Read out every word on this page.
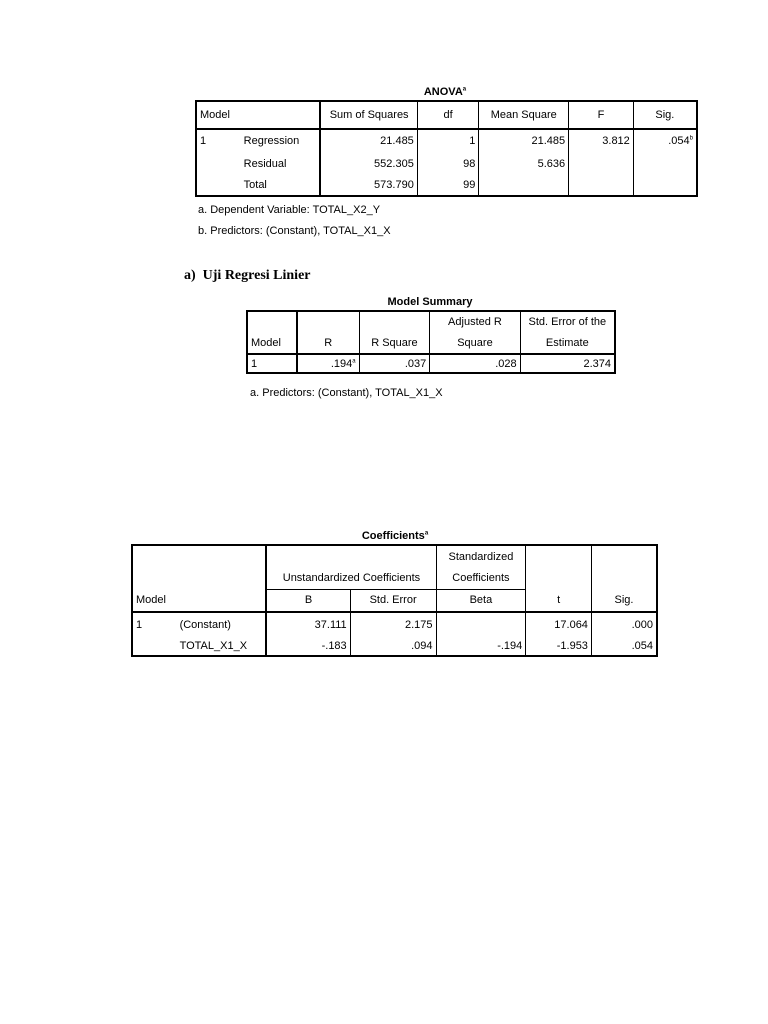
ANOVA$^a$
Model		Sum of Squares	df	Mean Square	F	Sig.
1	Regression	21.485	1	21.485	3.812	.054$^b$
	Residual	552.305	98	5.636		
	Total	573.790	99			
a. Dependent Variable: TOTAL_X2_Y
b. Predictors: (Constant), TOTAL_X1_X
a)  Uji Regresi Linier
Model Summary
			Adjusted R	Std. Error of the
Model	R	R Square	Square	Estimate
1	.194$^a$	.037	.028	2.374
a. Predictors: (Constant), TOTAL_X1_X
Coefficients$^a$
				Standardized		
		Unstandardized Coefficients		Coefficients		
Model		B	Std. Error	Beta	t	Sig.
1	(Constant)	37.111	2.175		17.064	.000
	TOTAL_X1_X	-.183	.094	-.194	-1.953	.054
